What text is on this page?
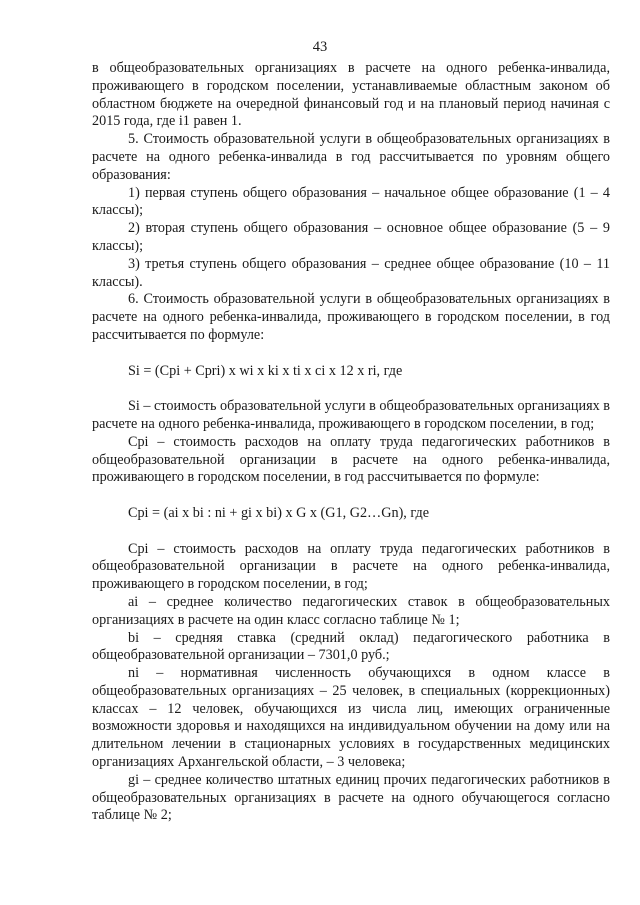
43

в общеобразовательных организациях в расчете на одного ребенка-инвалида, проживающего в городском поселении, устанавливаемые областным законом об областном бюджете на очередной финансовый год и на плановый период начиная с 2015 года, где i1 равен 1.

5. Стоимость образовательной услуги в общеобразовательных организациях в расчете на одного ребенка-инвалида в год рассчитывается по уровням общего образования:

1) первая ступень общего образования – начальное общее образование (1 – 4 классы);

2) вторая ступень общего образования – основное общее образование (5 – 9 классы);

3) третья ступень общего образования – среднее общее образование (10 – 11 классы).

6. Стоимость образовательной услуги в общеобразовательных организациях в расчете на одного ребенка-инвалида, проживающего в городском поселении, в год рассчитывается по формуле:

Si = (Cpi + Cpri) x wi x ki x ti x ci x 12 x ri, где

Si – стоимость образовательной услуги в общеобразовательных организациях в расчете на одного ребенка-инвалида, проживающего в городском поселении, в год;

Cpi – стоимость расходов на оплату труда педагогических работников в общеобразовательной организации в расчете на одного ребенка-инвалида, проживающего в городском поселении, в год рассчитывается по формуле:

Cpi = (ai x bi : ni + gi x bi) x G x (G1, G2…Gn), где

Cpi – стоимость расходов на оплату труда педагогических работников в общеобразовательной организации в расчете на одного ребенка-инвалида, проживающего в городском поселении, в год;

ai – среднее количество педагогических ставок в общеобразовательных организациях в расчете на один класс согласно таблице № 1;

bi – средняя ставка (средний оклад) педагогического работника в общеобразовательной организации – 7301,0 руб.;

ni – нормативная численность обучающихся в одном классе в общеобразовательных организациях – 25 человек, в специальных (коррекционных) классах – 12 человек, обучающихся из числа лиц, имеющих ограниченные возможности здоровья и находящихся на индивидуальном обучении на дому или на длительном лечении в стационарных условиях в государственных медицинских организациях Архангельской области, – 3 человека;

gi – среднее количество штатных единиц прочих педагогических работников в общеобразовательных организациях в расчете на одного обучающегося согласно таблице № 2;
